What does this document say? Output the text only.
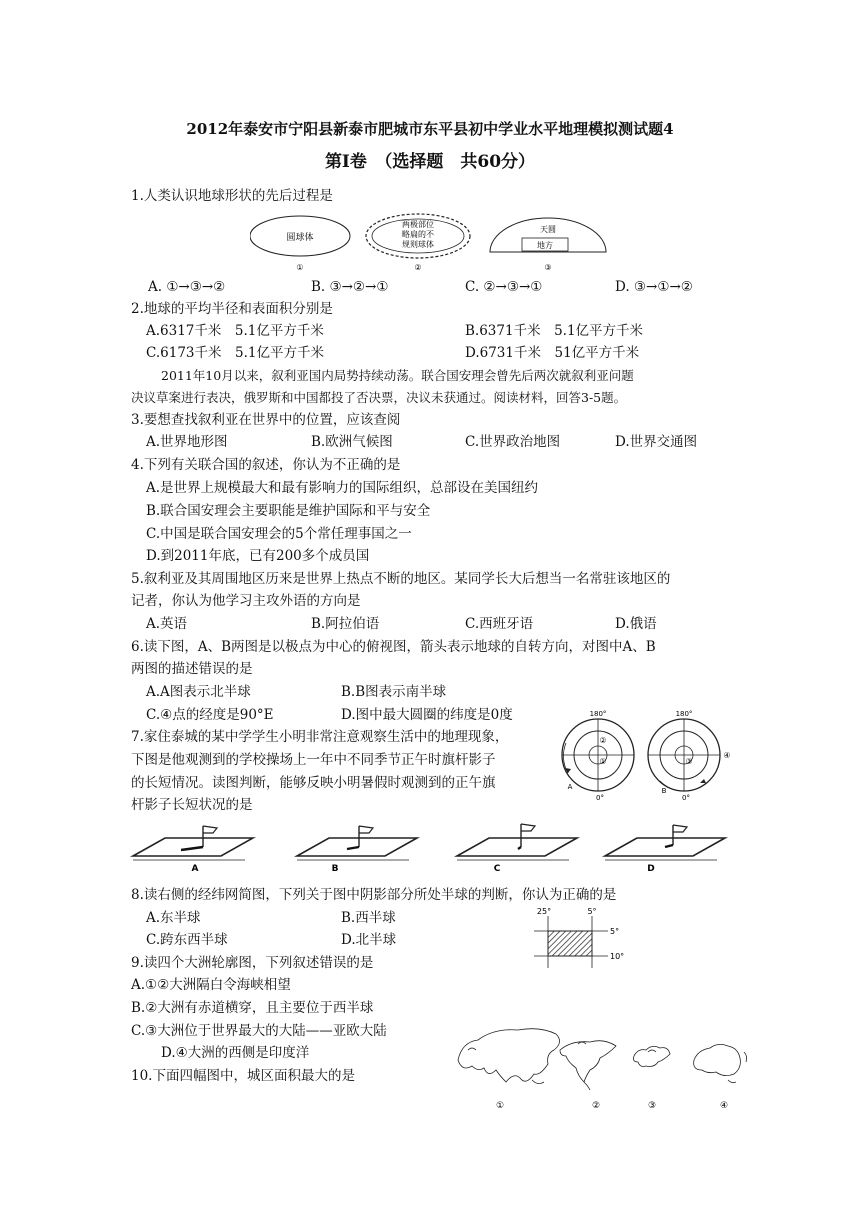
2012年泰安市宁阳县新泰市肥城市东平县初中学业水平地理模拟测试题4
第Ⅰ卷　（选择题　共60分）
1.人类认识地球形状的先后过程是
圆球体
①
两极部位
略扁的不
规则球体
②
天圆
地方
③
A. ①→③→②	B. ③→②→①	C. ②→③→①	D. ③→①→②
2.地球的平均半径和表面积分别是
A.6317千米　5.1亿平方千米	B.6371千米　5.1亿平方千米
C.6173千米　5.1亿平方千米	D.6731千米　51亿平方千米
2011年10月以来，叙利亚国内局势持续动荡。联合国安理会曾先后两次就叙利亚问题
决议草案进行表决，俄罗斯和中国都投了否决票，决议未获通过。阅读材料，回答3-5题。
3.要想查找叙利亚在世界中的位置，应该查阅
A.世界地形图	B.欧洲气候图	C.世界政治地图	D.世界交通图
4.下列有关联合国的叙述，你认为不正确的是
A.是世界上规模最大和最有影响力的国际组织，总部设在美国纽约
B.联合国安理会主要职能是维护国际和平与安全
C.中国是联合国安理会的5个常任理事国之一
D.到2011年底，已有200多个成员国
5.叙利亚及其周围地区历来是世界上热点不断的地区。某同学长大后想当一名常驻该地区的
记者，你认为他学习主攻外语的方向是
A.英语	B.阿拉伯语	C.西班牙语	D.俄语
6.读下图，A、B两图是以极点为中心的俯视图，箭头表示地球的自转方向，对图中A、B
两图的描述错误的是
A.A图表示北半球	B.B图表示南半球
C.④点的经度是90°E	D.图中最大圆圈的纬度是0度	180°
0°
②
①
A
180°
0°
③
④
B
7.家住泰城的某中学学生小明非常注意观察生活中的地理现象，
下图是他观测到的学校操场上一年中不同季节正午时旗杆影子
的长短情况。读图判断，能够反映小明暑假时观测到的正午旗
杆影子长短状况的是
A	B	C	D
8.读右侧的经纬网简图，下列关于图中阴影部分所处半球的判断，你认为正确的是
A.东半球	B.西半球
C.跨东西半球	D.北半球
25°	5°
5°
10°
9.读四个大洲轮廓图，下列叙述错误的是
A.①②大洲隔白令海峡相望
B.②大洲有赤道横穿，且主要位于西半球
C.③大洲位于世界最大的大陆——亚欧大陆
D.④大洲的西侧是印度洋
①	②	③	④
10.下面四幅图中，城区面积最大的是
